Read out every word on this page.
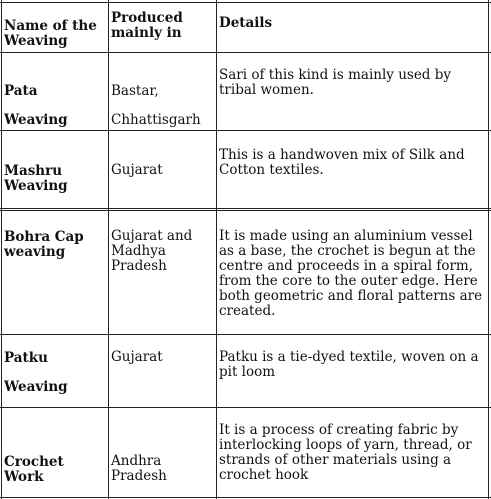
Name of the
Weaving
Produced
mainly in
Details
Pata
Weaving
Bastar,
Chhattisgarh
Sari of this kind is mainly used by
tribal women.
Mashru
Weaving
Gujarat
This is a handwoven mix of Silk and
Cotton textiles.
Bohra Cap
weaving
Gujarat and
Madhya
Pradesh
It is made using an aluminium vessel
as a base, the crochet is begun at the
centre and proceeds in a spiral form,
from the core to the outer edge. Here
both geometric and floral patterns are
created.
Patku
Weaving
Gujarat	Patku is a tie-dyed textile, woven on a
pit loom
Crochet
Work
Andhra
Pradesh
It is a process of creating fabric by
interlocking loops of yarn, thread, or
strands of other materials using a
crochet hook
